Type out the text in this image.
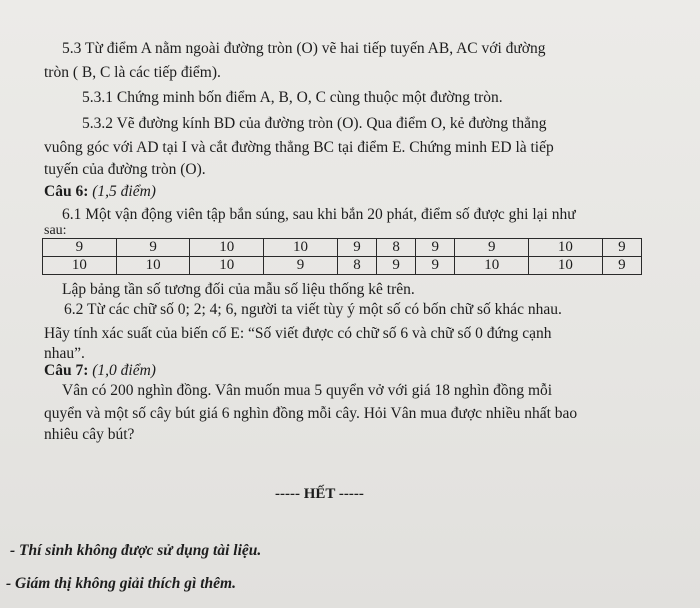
5.3 Từ điểm A nằm ngoài đường tròn (O) vẽ hai tiếp tuyến AB, AC với đường
tròn ( B, C là các tiếp điểm).
5.3.1 Chứng minh bốn điểm A, B, O, C cùng thuộc một đường tròn.
5.3.2 Vẽ đường kính BD của đường tròn (O). Qua điểm O, kẻ đường thẳng
vuông góc với AD tại I và cắt đường thẳng BC tại điểm E. Chứng minh ED là tiếp
tuyến của đường tròn (O).
Câu 6: (1,5 điểm)
6.1 Một vận động viên tập bắn súng, sau khi bắn 20 phát, điểm số được ghi lại như
sau:
9	9	10	10	9	8	9	9	10	9
10	10	10	9	8	9	9	10	10	9
Lập bảng tần số tương đối của mẫu số liệu thống kê trên.
6.2 Từ các chữ số 0; 2; 4; 6, người ta viết tùy ý một số có bốn chữ số khác nhau.
Hãy tính xác suất của biến cố E: “Số viết được có chữ số 6 và chữ số 0 đứng cạnh
nhau”.
Câu 7: (1,0 điểm)
Vân có 200 nghìn đồng. Vân muốn mua 5 quyển vở với giá 18 nghìn đồng mỗi
quyển và một số cây bút giá 6 nghìn đồng mỗi cây. Hỏi Vân mua được nhiều nhất bao
nhiêu cây bút?
----- HẾT -----
- Thí sinh không được sử dụng tài liệu.
- Giám thị không giải thích gì thêm.
